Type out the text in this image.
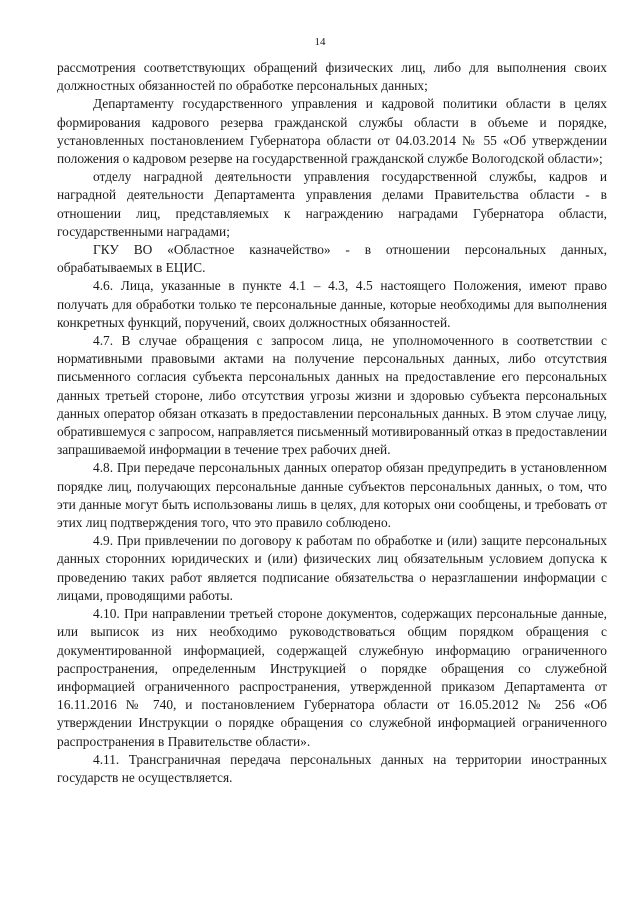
14

рассмотрения соответствующих обращений физических лиц, либо для выполнения своих должностных обязанностей по обработке персональных данных;

Департаменту государственного управления и кадровой политики области в целях формирования кадрового резерва гражданской службы области в объеме и порядке, установленных постановлением Губернатора области от 04.03.2014 № 55 «Об утверждении положения о кадровом резерве на государственной гражданской службе Вологодской области»;

отделу наградной деятельности управления государственной службы, кадров и наградной деятельности Департамента управления делами Правительства области - в отношении лиц, представляемых к награждению наградами Губернатора области, государственными наградами;

ГКУ ВО «Областное казначейство» - в отношении персональных данных, обрабатываемых в ЕЦИС.

4.6. Лица, указанные в пункте 4.1 – 4.3, 4.5 настоящего Положения, имеют право получать для обработки только те персональные данные, которые необходимы для выполнения конкретных функций, поручений, своих должностных обязанностей.

4.7. В случае обращения с запросом лица, не уполномоченного в соответствии с нормативными правовыми актами на получение персональных данных, либо отсутствия письменного согласия субъекта персональных данных на предоставление его персональных данных третьей стороне, либо отсутствия угрозы жизни и здоровью субъекта персональных данных оператор обязан отказать в предоставлении персональных данных. В этом случае лицу, обратившемуся с запросом, направляется письменный мотивированный отказ в предоставлении запрашиваемой информации в течение трех рабочих дней.

4.8. При передаче персональных данных оператор обязан предупредить в установленном порядке лиц, получающих персональные данные субъектов персональных данных, о том, что эти данные могут быть использованы лишь в целях, для которых они сообщены, и требовать от этих лиц подтверждения того, что это правило соблюдено.

4.9. При привлечении по договору к работам по обработке и (или) защите персональных данных сторонних юридических и (или) физических лиц обязательным условием допуска к проведению таких работ является подписание обязательства о неразглашении информации с лицами, проводящими работы.

4.10. При направлении третьей стороне документов, содержащих персональные данные, или выписок из них необходимо руководствоваться общим порядком обращения с документированной информацией, содержащей служебную информацию ограниченного распространения, определенным Инструкцией о порядке обращения со служебной информацией ограниченного распространения, утвержденной приказом Департамента от 16.11.2016 № 740, и постановлением Губернатора области от 16.05.2012 № 256 «Об утверждении Инструкции о порядке обращения со служебной информацией ограниченного распространения в Правительстве области».

4.11. Трансграничная передача персональных данных на территории иностранных государств не осуществляется.
